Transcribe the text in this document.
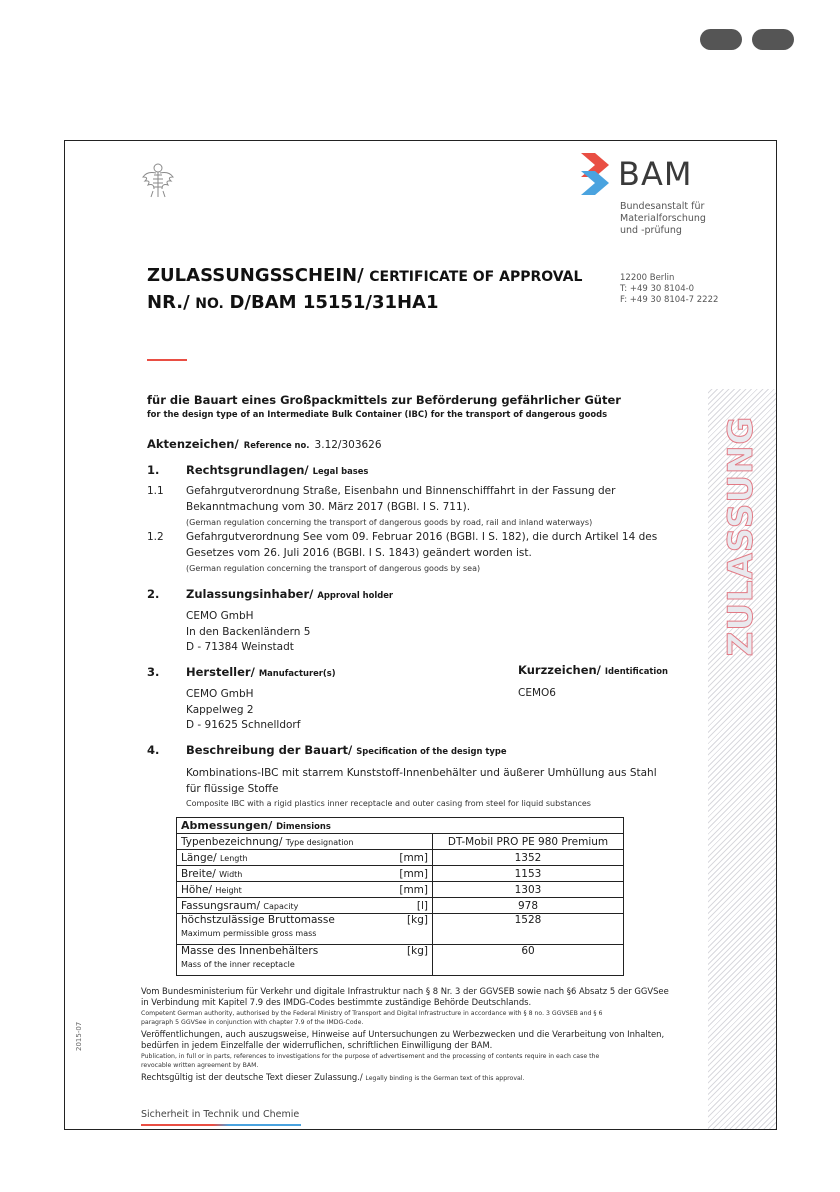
BAM
Bundesanstalt für
Materialforschung
und -prüfung
12200 Berlin
T: +49 30 8104-0
F: +49 30 8104-7 2222
ZULASSUNGSSCHEIN/ CERTIFICATE OF APPROVAL
NR./ NO. D/BAM 15151/31HA1
ZULASSUNG
für die Bauart eines Großpackmittels zur Beförderung gefährlicher Güter
for the design type of an Intermediate Bulk Container (IBC) for the transport of dangerous goods
Aktenzeichen/ Reference no. 3.12/303626
1. Rechtsgrundlagen/ Legal bases
1.1 Gefahrgutverordnung Straße, Eisenbahn und Binnenschifffahrt in der Fassung der
Bekanntmachung vom 30. März 2017 (BGBl. I S. 711).
(German regulation concerning the transport of dangerous goods by road, rail and inland waterways)
1.2 Gefahrgutverordnung See vom 09. Februar 2016 (BGBl. I S. 182), die durch Artikel 14 des
Gesetzes vom 26. Juli 2016 (BGBl. I S. 1843) geändert worden ist.
(German regulation concerning the transport of dangerous goods by sea)
2. Zulassungsinhaber/ Approval holder
CEMO GmbH
In den Backenländern 5
D - 71384 Weinstadt
3. Hersteller/ Manufacturer(s)	Kurzzeichen/ Identification
CEMO6
CEMO GmbH
Kappelweg 2
D - 91625 Schnelldorf
4. Beschreibung der Bauart/ Specification of the design type
Kombinations-IBC mit starrem Kunststoff-Innenbehälter und äußerer Umhüllung aus Stahl
für flüssige Stoffe
Composite IBC with a rigid plastics inner receptacle and outer casing from steel for liquid substances
Abmessungen/ Dimensions	
Typenbezeichnung/ Type designation	DT-Mobil PRO PE 980 Premium
Länge/ Length [mm]	1352
Breite/ Width [mm]	1153
Höhe/ Height [mm]	1303
Fassungsraum/ Capacity [l]	978
höchstzulässige Bruttomasse [kg]

Maximum permissible gross mass	1528
Masse des Innenbehälters [kg]

Mass of the inner receptacle	60
Vom Bundesministerium für Verkehr und digitale Infrastruktur nach § 8 Nr. 3 der GGVSEB sowie nach §6 Absatz 5 der GGVSee
in Verbindung mit Kapitel 7.9 des IMDG-Codes bestimmte zuständige Behörde Deutschlands.
Competent German authority, authorised by the Federal Ministry of Transport and Digital Infrastructure in accordance with § 8 no. 3 GGVSEB and § 6
paragraph 5 GGVSee in conjunction with chapter 7.9 of the IMDG-Code.
Veröffentlichungen, auch auszugsweise, Hinweise auf Untersuchungen zu Werbezwecken und die Verarbeitung von Inhalten,
bedürfen in jedem Einzelfalle der widerruflichen, schriftlichen Einwilligung der BAM.
Publication, in full or in parts, references to investigations for the purpose of advertisement and the processing of contents require in each case the
revocable written agreement by BAM.
Rechtsgültig ist der deutsche Text dieser Zulassung./ Legally binding is the German text of this approval.
2015-07
Sicherheit in Technik und Chemie
